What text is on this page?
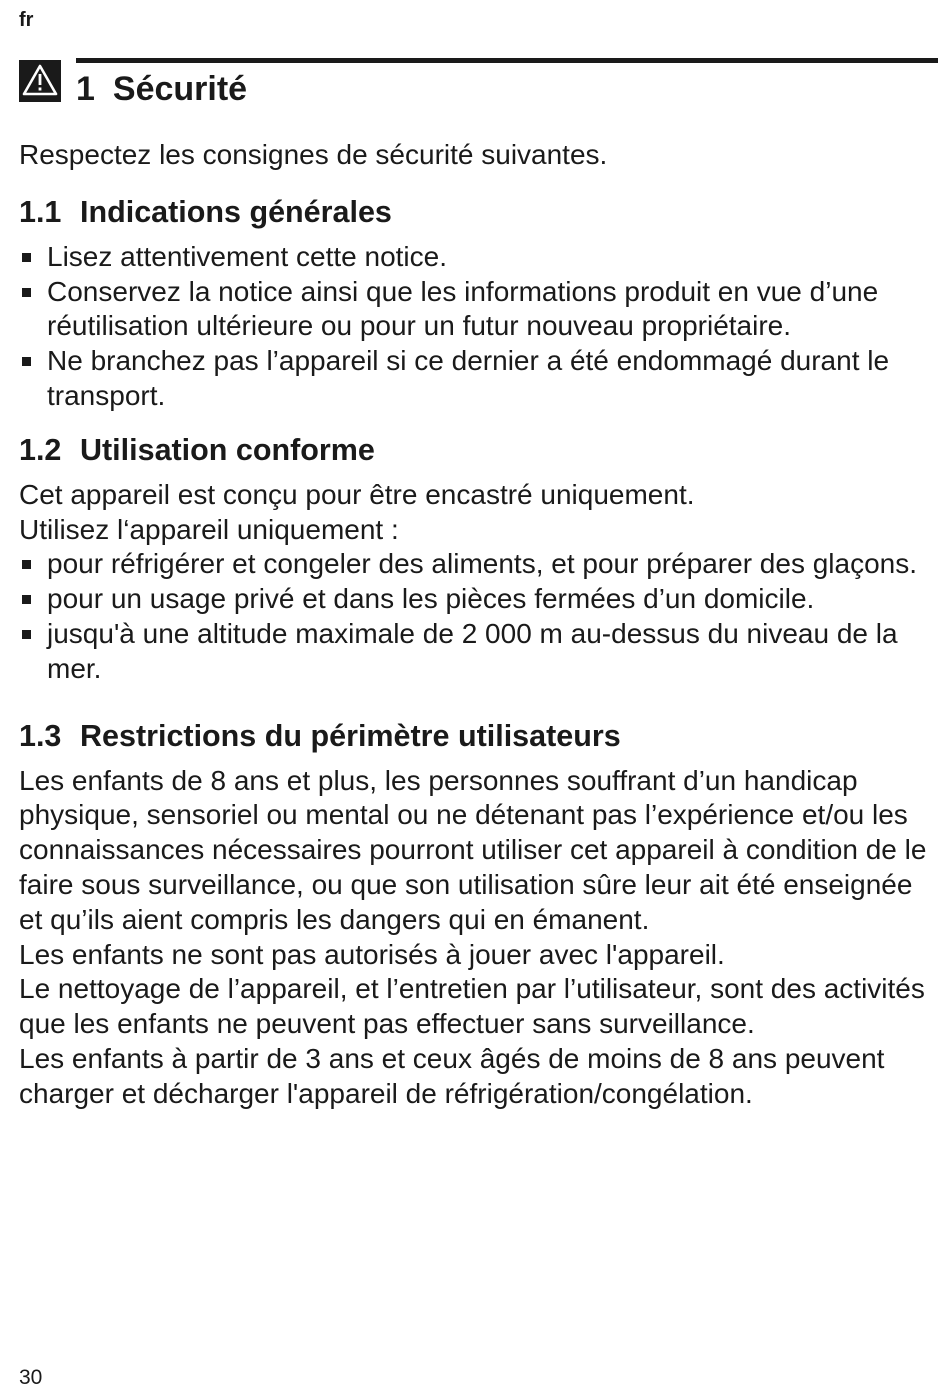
fr
1 Sécurité

Respectez les consignes de sécurité suivantes.

1.1 Indications générales
Lisez attentivement cette notice.
Conservez la notice ainsi que les informations produit en vue d’une réutilisation ultérieure ou pour un futur nouveau propriétaire.
Ne branchez pas l’appareil si ce dernier a été endommagé durant le transport.
1.2 Utilisation conforme

Cet appareil est conçu pour être encastré uniquement.

Utilisez l‘appareil uniquement :

pour réfrigérer et congeler des aliments, et pour préparer des glaçons.
pour un usage privé et dans les pièces fermées d’un domicile.
jusqu'à une altitude maximale de 2 000 m au-dessus du niveau de la mer.
1.3 Restrictions du périmètre utilisateurs

Les enfants de 8 ans et plus, les personnes souffrant d’un handicap physique, sensoriel ou mental ou ne détenant pas l’expérience et/ou les connaissances nécessaires pourront utiliser cet appareil à condition de le faire sous surveillance, ou que son utilisation sûre leur ait été enseignée et qu’ils aient compris les dangers qui en émanent.

Les enfants ne sont pas autorisés à jouer avec l'appareil.

Le nettoyage de l’appareil, et l’entretien par l’utilisateur, sont des activités que les enfants ne peuvent pas effectuer sans surveillance.

Les enfants à partir de 3 ans et ceux âgés de moins de 8 ans peuvent charger et décharger l'appareil de réfrigération/congélation.

30
